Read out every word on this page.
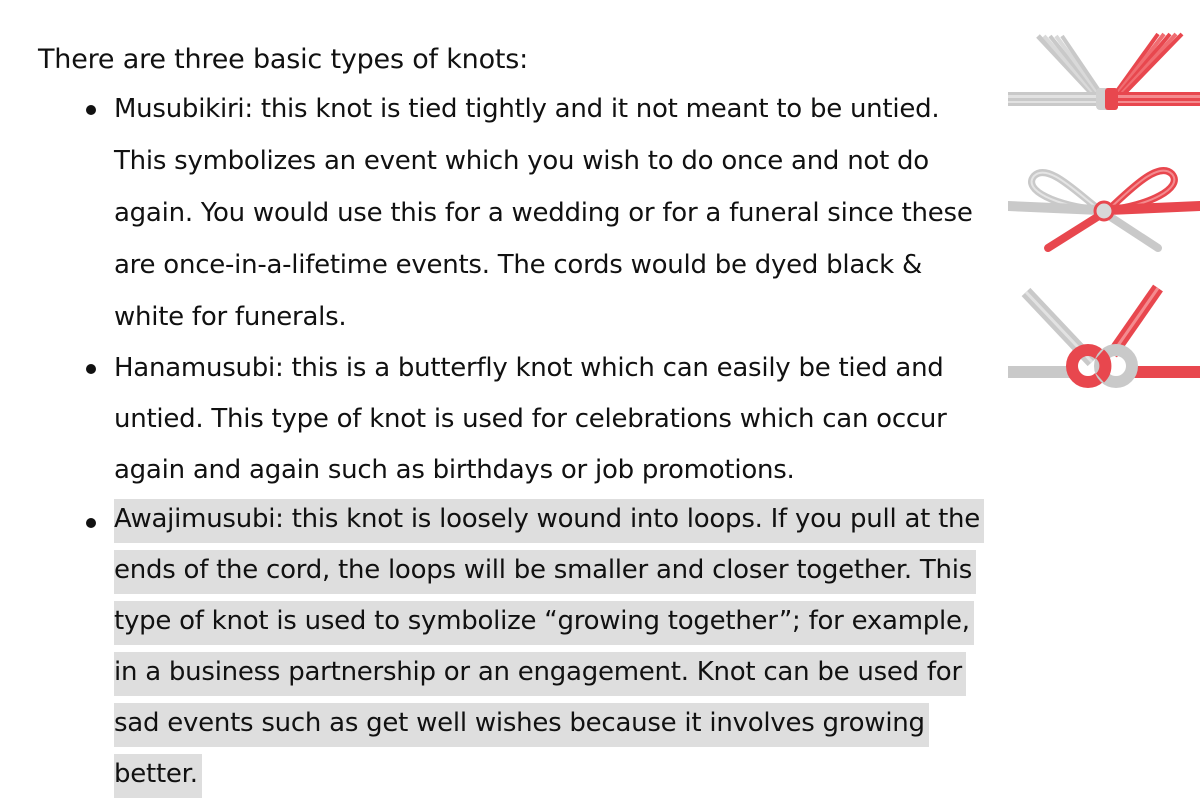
There are three basic types of knots:
Musubikiri: this knot is tied tightly and it not meant to be untied.
This symbolizes an event which you wish to do once and not do
again. You would use this for a wedding or for a funeral since these
are once-in-a-lifetime events. The cords would be dyed black &
white for funerals.
Hanamusubi: this is a butterfly knot which can easily be tied and
untied. This type of knot is used for celebrations which can occur
again and again such as birthdays or job promotions.
Awajimusubi: this knot is loosely wound into loops. If you pull at the
ends of the cord, the loops will be smaller and closer together. This
type of knot is used to symbolize “growing together”; for example,
in a business partnership or an engagement. Knot can be used for
sad events such as get well wishes because it involves growing
better.
